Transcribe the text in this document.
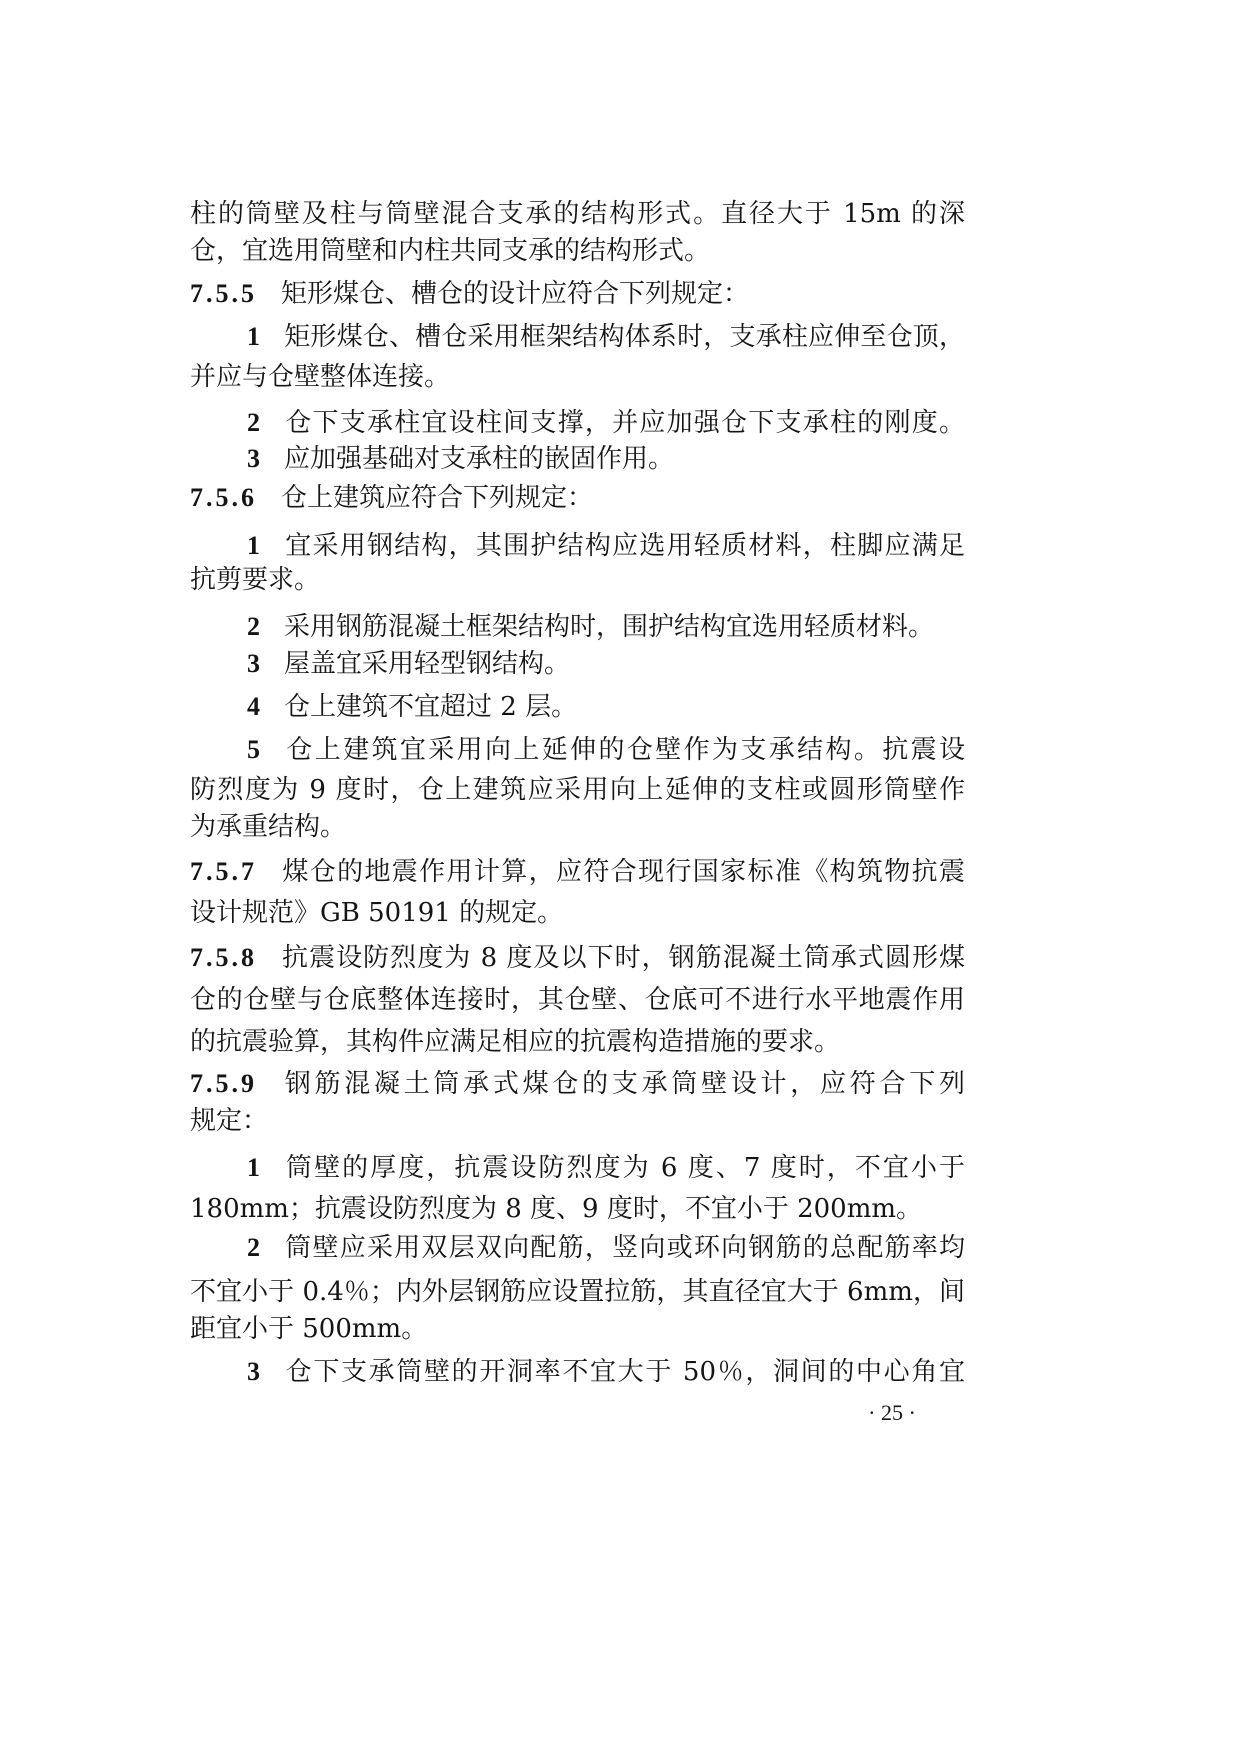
柱的筒壁及柱与筒壁混合支承的结构形式。直径大于 15m 的深
仓，宜选用筒壁和内柱共同支承的结构形式。
7.5.5 矩形煤仓、槽仓的设计应符合下列规定：
1 矩形煤仓、槽仓采用框架结构体系时，支承柱应伸至仓顶，
并应与仓壁整体连接。
2 仓下支承柱宜设柱间支撑，并应加强仓下支承柱的刚度。
3 应加强基础对支承柱的嵌固作用。
7.5.6 仓上建筑应符合下列规定：
1 宜采用钢结构，其围护结构应选用轻质材料，柱脚应满足
抗剪要求。
2 采用钢筋混凝土框架结构时，围护结构宜选用轻质材料。
3 屋盖宜采用轻型钢结构。
4 仓上建筑不宜超过 2 层。
5 仓上建筑宜采用向上延伸的仓壁作为支承结构。抗震设
防烈度为 9 度时，仓上建筑应采用向上延伸的支柱或圆形筒壁作
为承重结构。
7.5.7 煤仓的地震作用计算，应符合现行国家标准《构筑物抗震
设计规范》GB 50191 的规定。
7.5.8 抗震设防烈度为 8 度及以下时，钢筋混凝土筒承式圆形煤
仓的仓壁与仓底整体连接时，其仓壁、仓底可不进行水平地震作用
的抗震验算，其构件应满足相应的抗震构造措施的要求。
7.5.9 钢筋混凝土筒承式煤仓的支承筒壁设计，应符合下列
规定：
1 筒壁的厚度，抗震设防烈度为 6 度、7 度时，不宜小于
180mm；抗震设防烈度为 8 度、9 度时，不宜小于 200mm。
2 筒壁应采用双层双向配筋，竖向或环向钢筋的总配筋率均
不宜小于 0.4％；内外层钢筋应设置拉筋，其直径宜大于 6mm，间
距宜小于 500mm。
3 仓下支承筒壁的开洞率不宜大于 50％，洞间的中心角宜
· 25 ·
